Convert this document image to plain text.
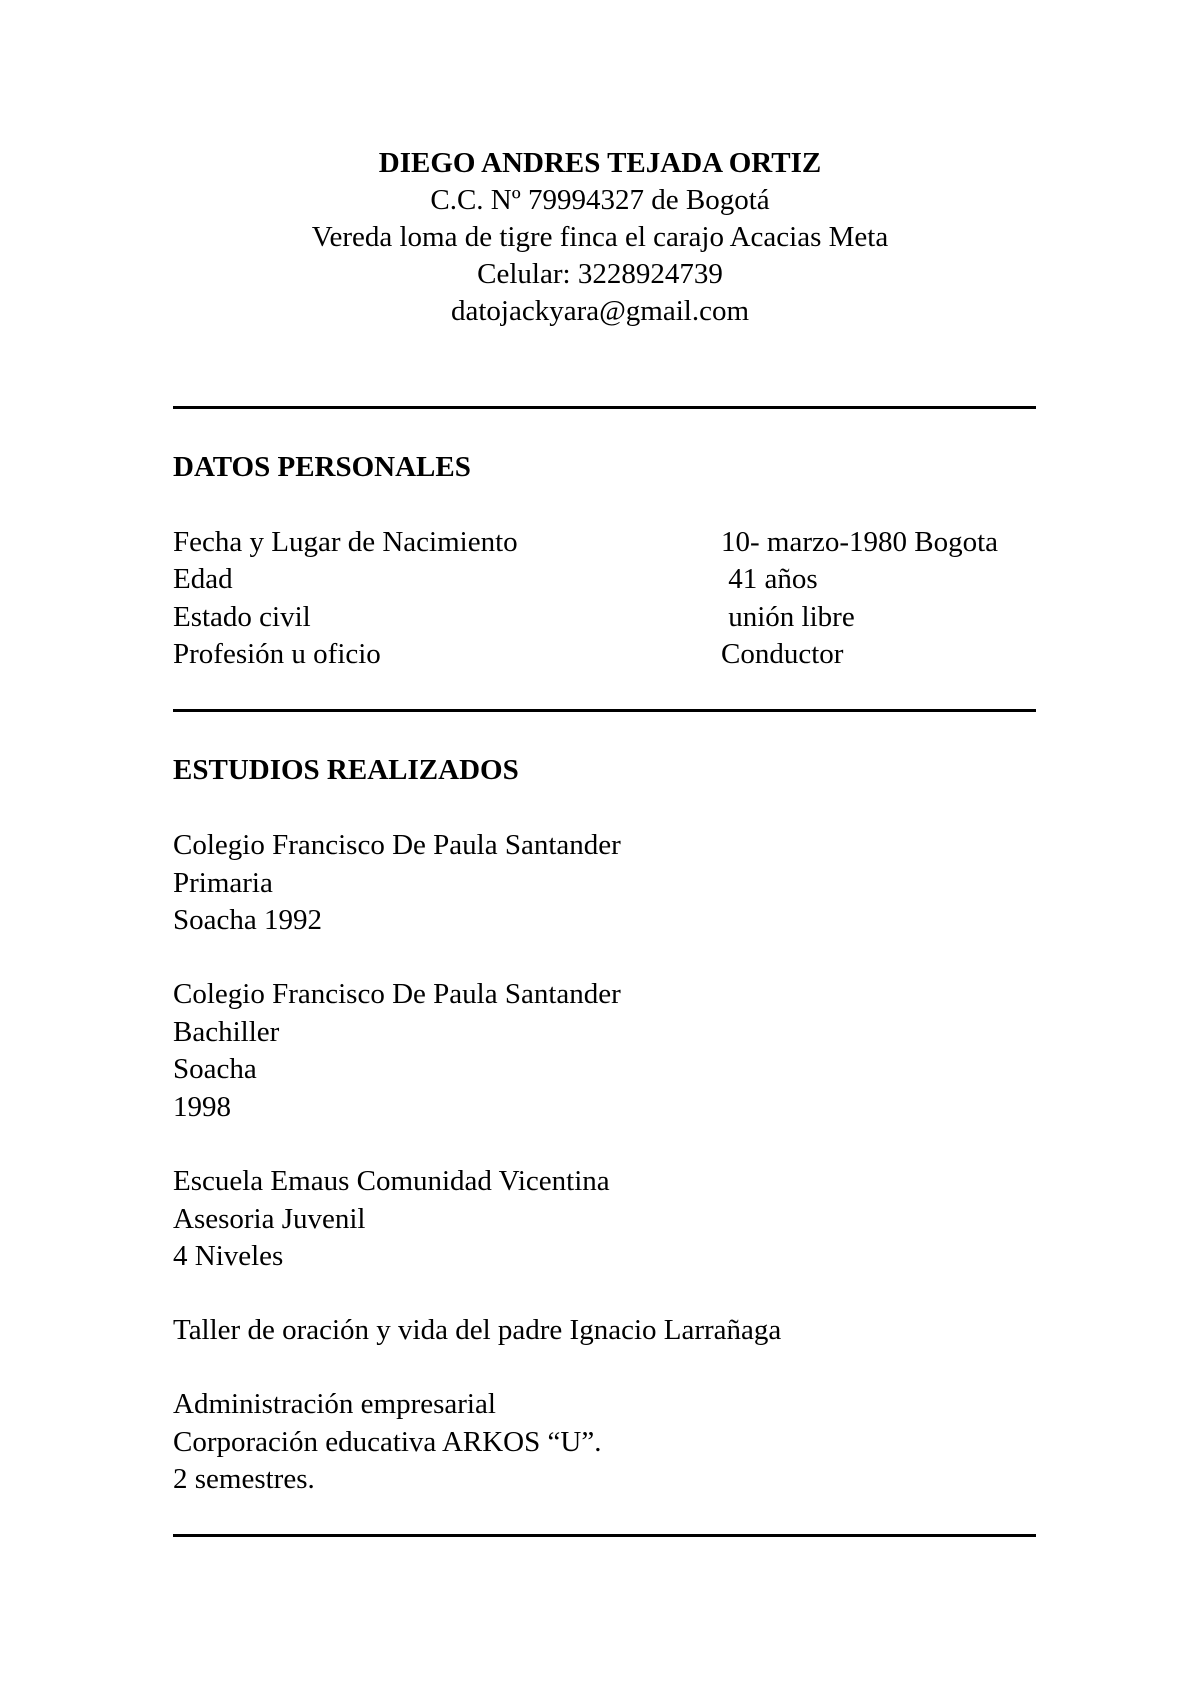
DIEGO ANDRES TEJADA ORTIZ
C.C. Nº 79994327 de Bogotá
Vereda loma de tigre finca el carajo Acacias Meta
Celular: 3228924739
datojackyara@gmail.com
DATOS PERSONALES
Fecha y Lugar de Nacimiento	10- marzo-1980 Bogota
Edad	41 años
Estado civil	unión libre
Profesión u oficio	Conductor
ESTUDIOS REALIZADOS
Colegio Francisco De Paula Santander
Primaria
Soacha 1992
Colegio Francisco De Paula Santander
Bachiller
Soacha
1998
Escuela Emaus Comunidad Vicentina
Asesoria Juvenil
4 Niveles
Taller de oración y vida del padre Ignacio Larrañaga
Administración empresarial
Corporación educativa ARKOS “U”.
2 semestres.
